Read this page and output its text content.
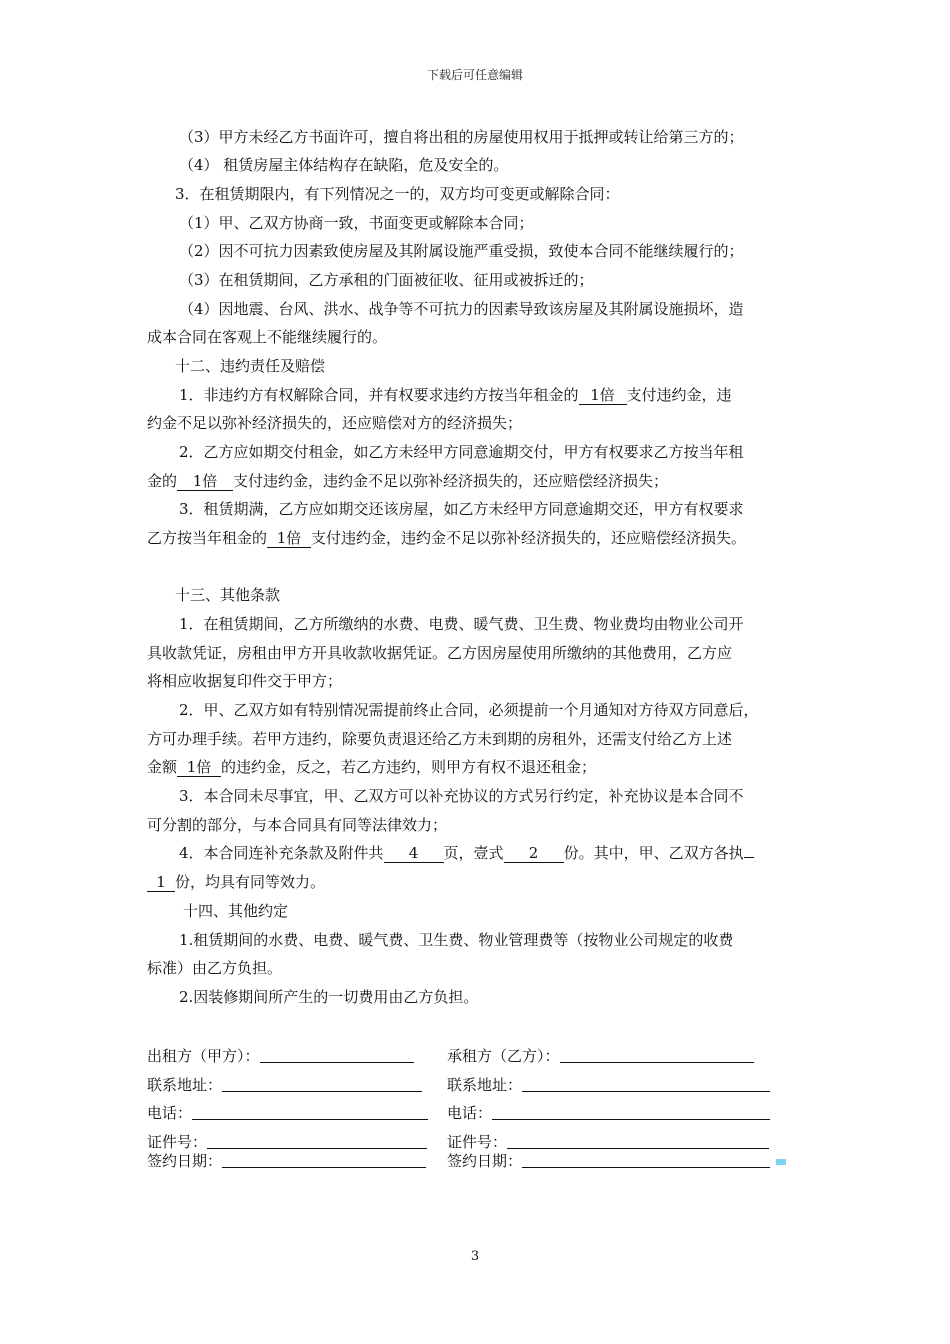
下载后可任意编辑
（3）甲方未经乙方书面许可，擅自将出租的房屋使用权用于抵押或转让给第三方的；
（4） 租赁房屋主体结构存在缺陷，危及安全的。
3．在租赁期限内，有下列情况之一的，双方均可变更或解除合同：
（1）甲、乙双方协商一致，书面变更或解除本合同；
（2）因不可抗力因素致使房屋及其附属设施严重受损，致使本合同不能继续履行的；
（3）在租赁期间，乙方承租的门面被征收、征用或被拆迁的；
（4）因地震、台风、洪水、战争等不可抗力的因素导致该房屋及其附属设施损坏，造
成本合同在客观上不能继续履行的。
十二、违约责任及赔偿
1．非违约方有权解除合同，并有权要求违约方按当年租金的 1倍 支付违约金，违
约金不足以弥补经济损失的，还应赔偿对方的经济损失；
2．乙方应如期交付租金，如乙方未经甲方同意逾期交付，甲方有权要求乙方按当年租
金的 1倍 支付违约金，违约金不足以弥补经济损失的，还应赔偿经济损失；
3．租赁期满，乙方应如期交还该房屋，如乙方未经甲方同意逾期交还，甲方有权要求
乙方按当年租金的 1倍 支付违约金，违约金不足以弥补经济损失的，还应赔偿经济损失。
十三、其他条款
1．在租赁期间，乙方所缴纳的水费、电费、暖气费、卫生费、物业费均由物业公司开
具收款凭证，房租由甲方开具收款收据凭证。乙方因房屋使用所缴纳的其他费用，乙方应
将相应收据复印件交于甲方；
2．甲、乙双方如有特别情况需提前终止合同，必须提前一个月通知对方待双方同意后，
方可办理手续。若甲方违约，除要负责退还给乙方未到期的房租外，还需支付给乙方上述
金额 1倍 的违约金，反之，若乙方违约，则甲方有权不退还租金；
3．本合同未尽事宜，甲、乙双方可以补充协议的方式另行约定，补充协议是本合同不
可分割的部分，与本合同具有同等法律效力；
4．本合同连补充条款及附件共 4 页，壹式 2 份。其中，甲、乙双方各执
1 份，均具有同等效力。
十四、其他约定
1.租赁期间的水费、电费、暖气费、卫生费、物业管理费等（按物业公司规定的收费
标准）由乙方负担。
2.因装修期间所产生的一切费用由乙方负担。
出租方（甲方）：	承租方（乙方）：
联系地址：	联系地址：
电话：	电话：
证件号：	证件号：
签约日期：	签约日期：
3
